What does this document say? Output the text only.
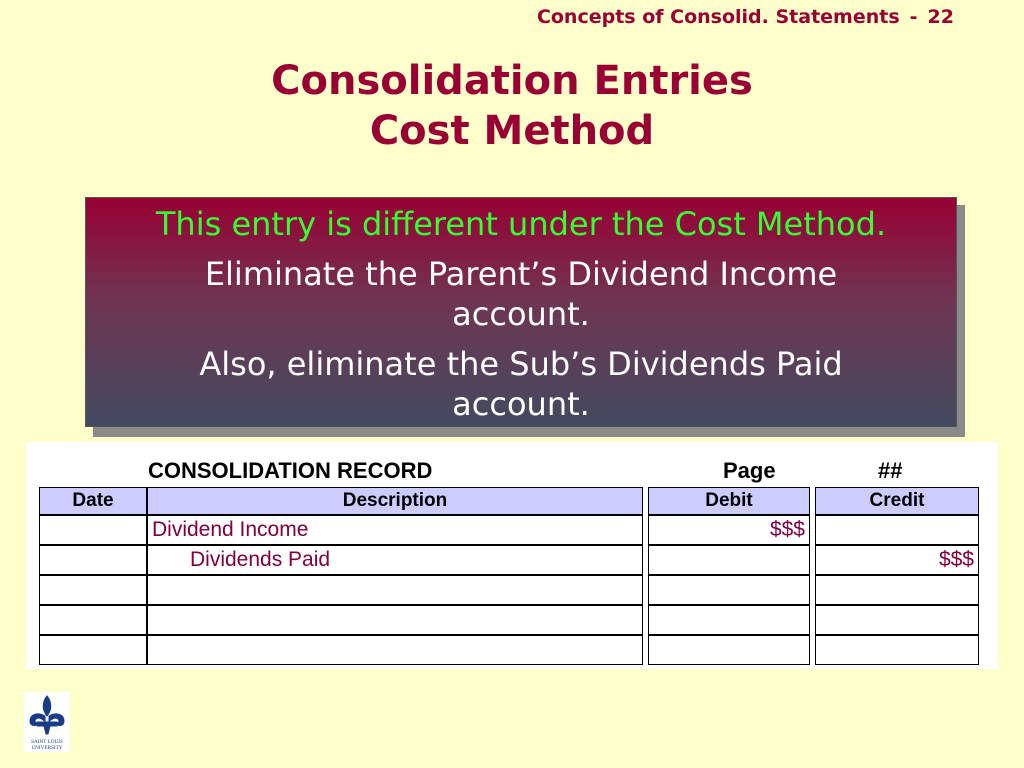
Concepts of Consolid. Statements - 22
Consolidation Entries
Cost Method
This entry is different under the Cost Method.
Eliminate the Parent’s Dividend Income account.
Also, eliminate the Sub’s Dividends Paid account.
CONSOLIDATION RECORD	Page	##
Date	Description		Debit		Credit
	Dividend Income		$$$		
	Dividends Paid				$$$

SAINT LOUIS
UNIVERSITY
